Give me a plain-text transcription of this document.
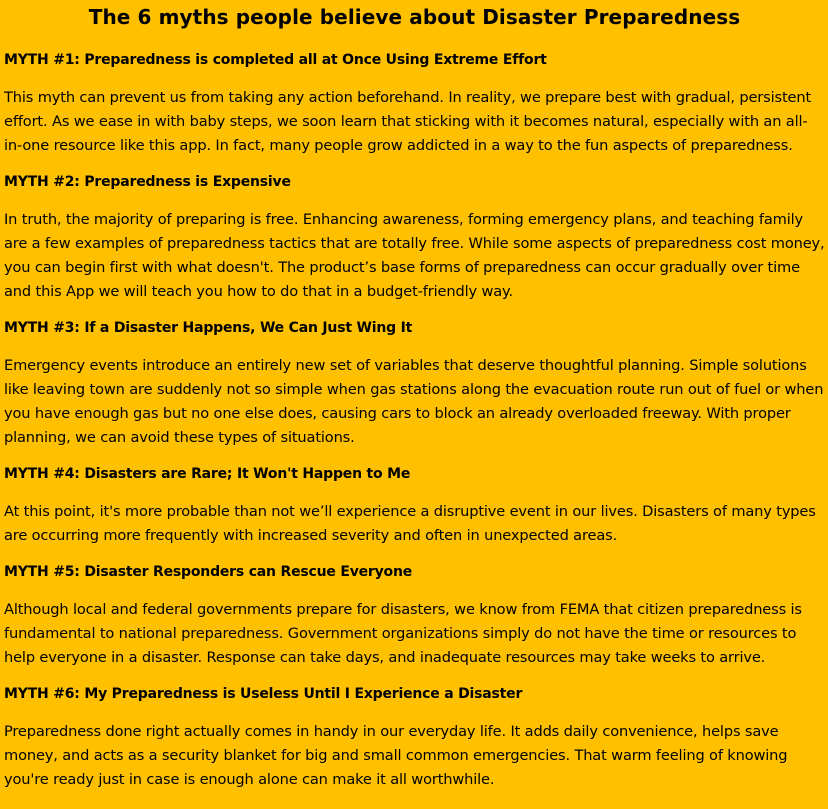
The 6 myths people believe about Disaster Preparedness
MYTH #1: Preparedness is completed all at Once Using Extreme Effort

This myth can prevent us from taking any action beforehand. In reality, we prepare best with gradual, persistent effort. As we ease in with baby steps, we soon learn that sticking with it becomes natural, especially with an all-in-one resource like this app. In fact, many people grow addicted in a way to the fun aspects of preparedness.

MYTH #2: Preparedness is Expensive

In truth, the majority of preparing is free. Enhancing awareness, forming emergency plans, and teaching family are a few examples of preparedness tactics that are totally free. While some aspects of preparedness cost money, you can begin first with what doesn't. The product’s base forms of preparedness can occur gradually over time and this App we will teach you how to do that in a budget-friendly way.

MYTH #3: If a Disaster Happens, We Can Just Wing It

Emergency events introduce an entirely new set of variables that deserve thoughtful planning. Simple solutions like leaving town are suddenly not so simple when gas stations along the evacuation route run out of fuel or when you have enough gas but no one else does, causing cars to block an already overloaded freeway. With proper planning, we can avoid these types of situations.

MYTH #4: Disasters are Rare; It Won't Happen to Me

At this point, it's more probable than not we’ll experience a disruptive event in our lives. Disasters of many types are occurring more frequently with increased severity and often in unexpected areas.

MYTH #5: Disaster Responders can Rescue Everyone

Although local and federal governments prepare for disasters, we know from FEMA that citizen preparedness is fundamental to national preparedness. Government organizations simply do not have the time or resources to help everyone in a disaster. Response can take days, and inadequate resources may take weeks to arrive.

MYTH #6: My Preparedness is Useless Until I Experience a Disaster

Preparedness done right actually comes in handy in our everyday life. It adds daily convenience, helps save money, and acts as a security blanket for big and small common emergencies. That warm feeling of knowing you're ready just in case is enough alone can make it all worthwhile.
